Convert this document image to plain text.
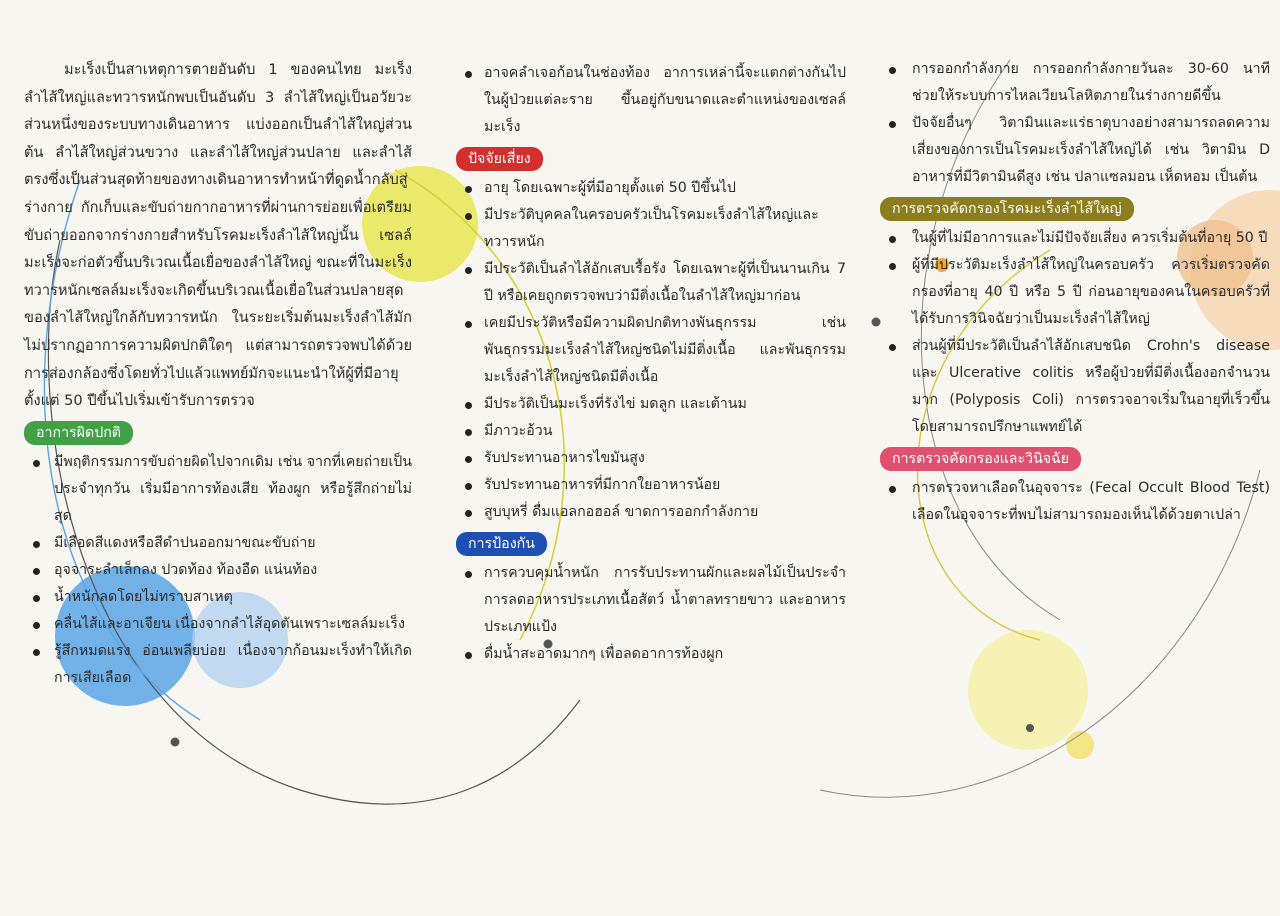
มะเร็งเป็นสาเหตุการตายอันดับ 1 ของคนไทย มะเร็งลำไส้ใหญ่และทวารหนักพบเป็นอันดับ 3 ลำไส้ใหญ่เป็นอวัยวะส่วนหนึ่งของระบบทางเดินอาหาร แบ่งออกเป็นลำไส้ใหญ่ส่วนต้น ลำไส้ใหญ่ส่วนขวาง และลำไส้ใหญ่ส่วนปลาย และลำไส้ตรงซึ่งเป็นส่วนสุดท้ายของทางเดินอาหารทำหน้าที่ดูดน้ำกลับสู่ร่างกาย กักเก็บและขับถ่ายกากอาหารที่ผ่านการย่อยเพื่อเตรียมขับถ่ายออกจากร่างกายสำหรับโรคมะเร็งลำไส้ใหญ่นั้น เซลล์มะเร็งจะก่อตัวขึ้นบริเวณเนื้อเยื่อของลำไส้ใหญ่ ขณะที่ในมะเร็งทวารหนักเซลล์มะเร็งจะเกิดขึ้นบริเวณเนื้อเยื่อในส่วนปลายสุดของลำไส้ใหญ่ใกล้กับทวารหนัก ในระยะเริ่มต้นมะเร็งลำไส้มักไม่ปรากฏอาการความผิดปกติใดๆ แต่สามารถตรวจพบได้ด้วยการส่องกล้องซึ่งโดยทั่วไปแล้วแพทย์มักจะแนะนำให้ผู้ที่มีอายุตั้งแต่ 50 ปีขึ้นไปเริ่มเข้ารับการตรวจ

อาการผิดปกติ
มีพฤติกรรมการขับถ่ายผิดไปจากเดิม เช่น จากที่เคยถ่ายเป็นประจำทุกวัน เริ่มมีอาการท้องเสีย ท้องผูก หรือรู้สึกถ่ายไม่สุด
มีเลือดสีแดงหรือสีดำปนออกมาขณะขับถ่าย
อุจจาระลำเล็กลง ปวดท้อง ท้องอืด แน่นท้อง
น้ำหนักลดโดยไม่ทราบสาเหตุ
คลื่นไส้และอาเจียน เนื่องจากลำไส้อุดตันเพราะเซลล์มะเร็ง
รู้สึกหมดแรง อ่อนเพลียบ่อย เนื่องจากก้อนมะเร็งทำให้เกิดการเสียเลือด
อาจคลำเจอก้อนในช่องท้อง อาการเหล่านี้จะแตกต่างกันไปในผู้ป่วยแต่ละราย ขึ้นอยู่กับขนาดและตำแหน่งของเซลล์มะเร็ง
ปัจจัยเสี่ยง
อายุ โดยเฉพาะผู้ที่มีอายุตั้งแต่ 50 ปีขึ้นไป
มีประวัติบุคคลในครอบครัวเป็นโรคมะเร็งลำไส้ใหญ่และทวารหนัก
มีประวัติเป็นลำไส้อักเสบเรื้อรัง โดยเฉพาะผู้ที่เป็นนานเกิน 7 ปี หรือเคยถูกตรวจพบว่ามีติ่งเนื้อในลำไส้ใหญ่มาก่อน
เคยมีประวัติหรือมีความผิดปกติทางพันธุกรรม เช่น พันธุกรรมมะเร็งลำไส้ใหญ่ชนิดไม่มีติ่งเนื้อ และพันธุกรรมมะเร็งลำไส้ใหญ่ชนิดมีติ่งเนื้อ
มีประวัติเป็นมะเร็งที่รังไข่ มดลูก และเต้านม
มีภาวะอ้วน
รับประทานอาหารไขมันสูง
รับประทานอาหารที่มีกากใยอาหารน้อย
สูบบุหรี่ ดื่มแอลกอฮอล์ ขาดการออกกำลังกาย
การป้องกัน
การควบคุมน้ำหนัก การรับประทานผักและผลไม้เป็นประจำ การลดอาหารประเภทเนื้อสัตว์ น้ำตาลทรายขาว และอาหารประเภทแป้ง
ดื่มน้ำสะอาดมากๆ เพื่อลดอาการท้องผูก
การออกกำลังกาย การออกกำลังกายวันละ 30-60 นาที ช่วยให้ระบบการไหลเวียนโลหิตภายในร่างกายดีขึ้น
ปัจจัยอื่นๆ วิตามินและแร่ธาตุบางอย่างสามารถลดความเสี่ยงของการเป็นโรคมะเร็งลำไส้ใหญ่ได้ เช่น วิตามิน D อาหารที่มีวิตามินดีสูง เช่น ปลาแซลมอน เห็ดหอม เป็นต้น
การตรวจคัดกรองโรคมะเร็งลำไส้ใหญ่
ในผู้ที่ไม่มีอาการและไม่มีปัจจัยเสี่ยง ควรเริ่มต้นที่อายุ 50 ปี
ผู้ที่มีประวัติมะเร็งลำไส้ใหญ่ในครอบครัว ควรเริ่มตรวจคัดกรองที่อายุ 40 ปี หรือ 5 ปี ก่อนอายุของคนในครอบครัวที่ได้รับการวินิจฉัยว่าเป็นมะเร็งลำไส้ใหญ่
ส่วนผู้ที่มีประวัติเป็นลำไส้อักเสบชนิด Crohn's disease และ Ulcerative colitis หรือผู้ป่วยที่มีติ่งเนื้องอกจำนวนมาก (Polyposis Coli) การตรวจอาจเริ่มในอายุที่เร็วขึ้นโดยสามารถปรึกษาแพทย์ได้
การตรวจคัดกรองและวินิจฉัย
การตรวจหาเลือดในอุจจาระ (Fecal Occult Blood Test) เลือดในอุจจาระที่พบไม่สามารถมองเห็นได้ด้วยตาเปล่า
